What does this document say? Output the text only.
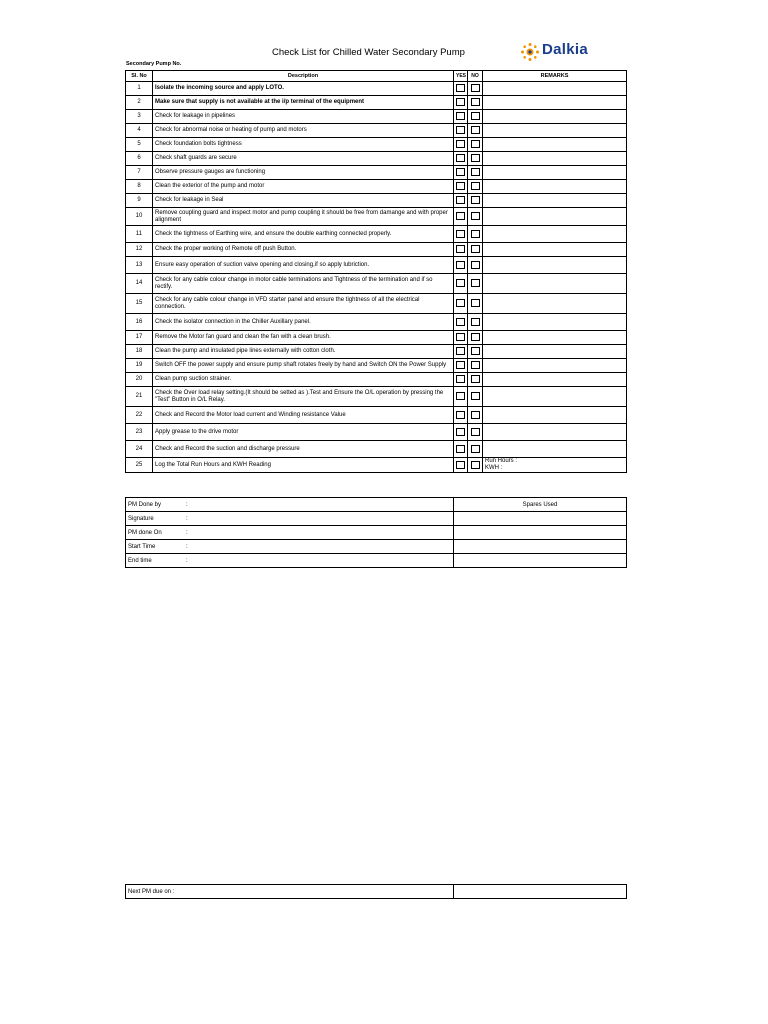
Check List for Chilled Water Secondary Pump	Dalkia
Secondary Pump No.
Sl. No	Description	YES	NO	REMARKS
1	Isolate the incoming source and apply LOTO.			
2	Make sure that supply is not available at the i/p terminal of the equipment			
3	Check for leakage in pipelines			
4	Check for abnormal noise or heating of pump and motors			
5	Check foundation bolts tightness			
6	Check shaft guards are secure			
7	Observe pressure gauges are functioning			
8	Clean the exterior of the pump and motor			
9	Check for leakage in Seal			
10	Remove coupling guard and inspect motor and pump coupling it should be free from damange and with proper alignment			
11	Check the tightness of Earthing wire, and ensure the double earthing connected properly.			
12	Check the proper working of Remote off push Button.			
13	Ensure easy operation of suction valve opening and closing,if so apply lubriction.			
14	Check for any cable colour change in motor cable terminations and Tightness of the termination and if so rectify.			
15	Check for any cable colour change in VFD starter panel and ensure the tightness of all the electrical connection.			
16	Check the isolator connection in the Chiller Auxillary panel.			
17	Remove the Motor fan guard and clean the fan with a clean brush.			
18	Clean the pump and insulated pipe lines externally with cotton cloth.			
19	Switch OFF the power supply and ensure pump shaft rotates freely by hand and Switch ON the Power Supply			
20	Clean pump suction strainer.			
21	Check the Over load relay setting.(It should be setted as ).Test and Ensure the O/L operation by pressing the "Test" Button in O/L Relay.			
22	Check and Record the Motor load current and Winding resistance Value			
23	Apply grease to the drive motor			
24	Check and Record the suction and discharge pressure			
25	Log the Total Run Hours and KWH Reading			Run Hours :
KWH :
PM Done by :	Spares Used
Signature :	
PM done On :	
Start Time :	
End time :	
Next PM due on :	
